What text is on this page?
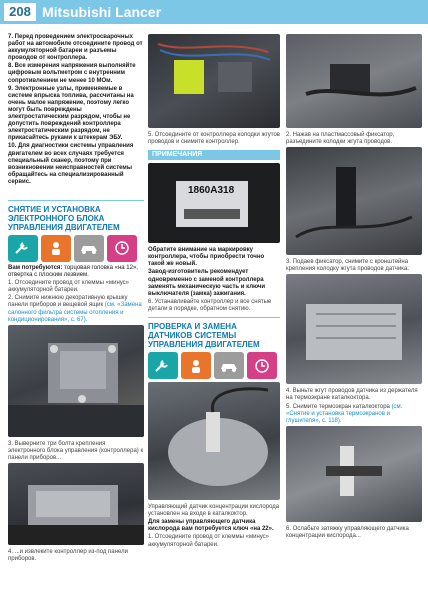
208 Mitsubishi Lancer

7. Перед проведением электросварочных работ на автомобиле отсоедините провод от аккумуляторной батареи и разъемы проводов от контроллера.

8. Все измерения напряжения выполняйте цифровым вольтметром с внутренним сопротивлением не менее 10 МОм.

9. Электронные узлы, применяемые в системе впрыска топлива, рассчитаны на очень малое напряжение, поэтому легко могут быть повреждены электростатическим разрядом, чтобы не допустить повреждений контроллера электростатическим разрядом, не прикасайтесь руками к штекерам ЭБУ.

10. Для диагностики системы управления двигателем во всех случаях требуется специальный сканер, поэтому при возникновении неисправностей системы обращайтесь на специализированный сервис.

СНЯТИЕ И УСТАНОВКА ЭЛЕКТРОННОГО БЛОКА УПРАВЛЕНИЯ ДВИГАТЕЛЕМ

Вам потребуются: торцовая головка «на 12», отвертка с плоским лезвием.

1. Отсоедините провод от клеммы «минус» аккумуляторной батареи.

2. Снимите нижнюю декоративную крышку панели приборов и вещевой ящик (см. «Замена салонного фильтра системы отопления и кондиционирования», с. 67).

3. Выверните три болта крепления электронного блока управления (контроллера) к панели приборов...

4. ...и извлеките контроллер из-под панели приборов.

5. Отсоедините от контроллера колодки жгутов проводов и снимите контроллер.

ПРИМЕЧАНИЯ
1860A318

Обратите внимание на маркировку контроллера, чтобы приобрести точно такой же новый.

Завод-изготовитель рекомендует одновременно с заменой контроллера заменять механическую часть и ключи выключателя (замка) зажигания.

6. Устанавливайте контроллер и все снятые детали в порядке, обратном снятию.

ПРОВЕРКА И ЗАМЕНА ДАТЧИКОВ СИСТЕМЫ УПРАВЛЕНИЯ ДВИГАТЕЛЕМ

Управляющий датчик концентрации кислорода установлен на входе в каталкоктор.

Для замены управляющего датчика кислорода вам потребуется ключ «на 22».

1. Отсоедините провод от клеммы «минус» аккумуляторной батареи.

2. Нажав на пластмассовый фиксатор, разъедините колодки жгута проводов.

3. Подаев фиксатор, снимите с кронштейна крепления колодку жгута проводов датчика.

4. Выньте жгут проводов датчика из держателя на термоэкране каталкоктора.

5. Снимите термоэкран каталкоктора (см. «Снятие и установка термоэкранов и глушителя», с. 118).

6. Ослабьте затяжку управляющего датчика концентрации кислорода...
